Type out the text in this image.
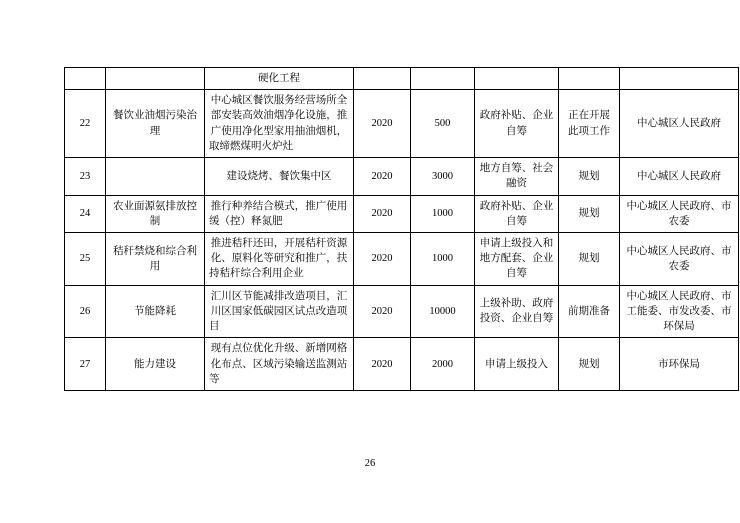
		硬化工程					
22	餐饮业油烟污染治理	中心城区餐饮服务经营场所全部安装高效油烟净化设施，推广使用净化型家用抽油烟机，取缔燃煤明火炉灶	2020	500	政府补贴、企业自筹	正在开展此项工作	中心城区人民政府
23		建设烧烤、餐饮集中区	2020	3000	地方自筹、社会融资	规划	中心城区人民政府
24	农业面源氨排放控制	推行种养结合模式，推广使用缓（控）释氮肥	2020	1000	政府补贴、企业自筹	规划	中心城区人民政府、市农委
25	秸秆禁烧和综合利用	推进秸秆还田，开展秸秆资源化、原料化等研究和推广，扶持秸秆综合利用企业	2020	1000	申请上级投入和地方配套、企业自筹	规划	中心城区人民政府、市农委
26	节能降耗	汇川区节能减排改造项目，汇川区国家低碳园区试点改造项目	2020	10000	上级补助、政府投资、企业自筹	前期准备	中心城区人民政府、市工能委、市发改委、市环保局
27	能力建设	现有点位优化升级、新增网格化布点、区域污染输送监测站等	2020	2000	申请上级投入	规划	市环保局
26
